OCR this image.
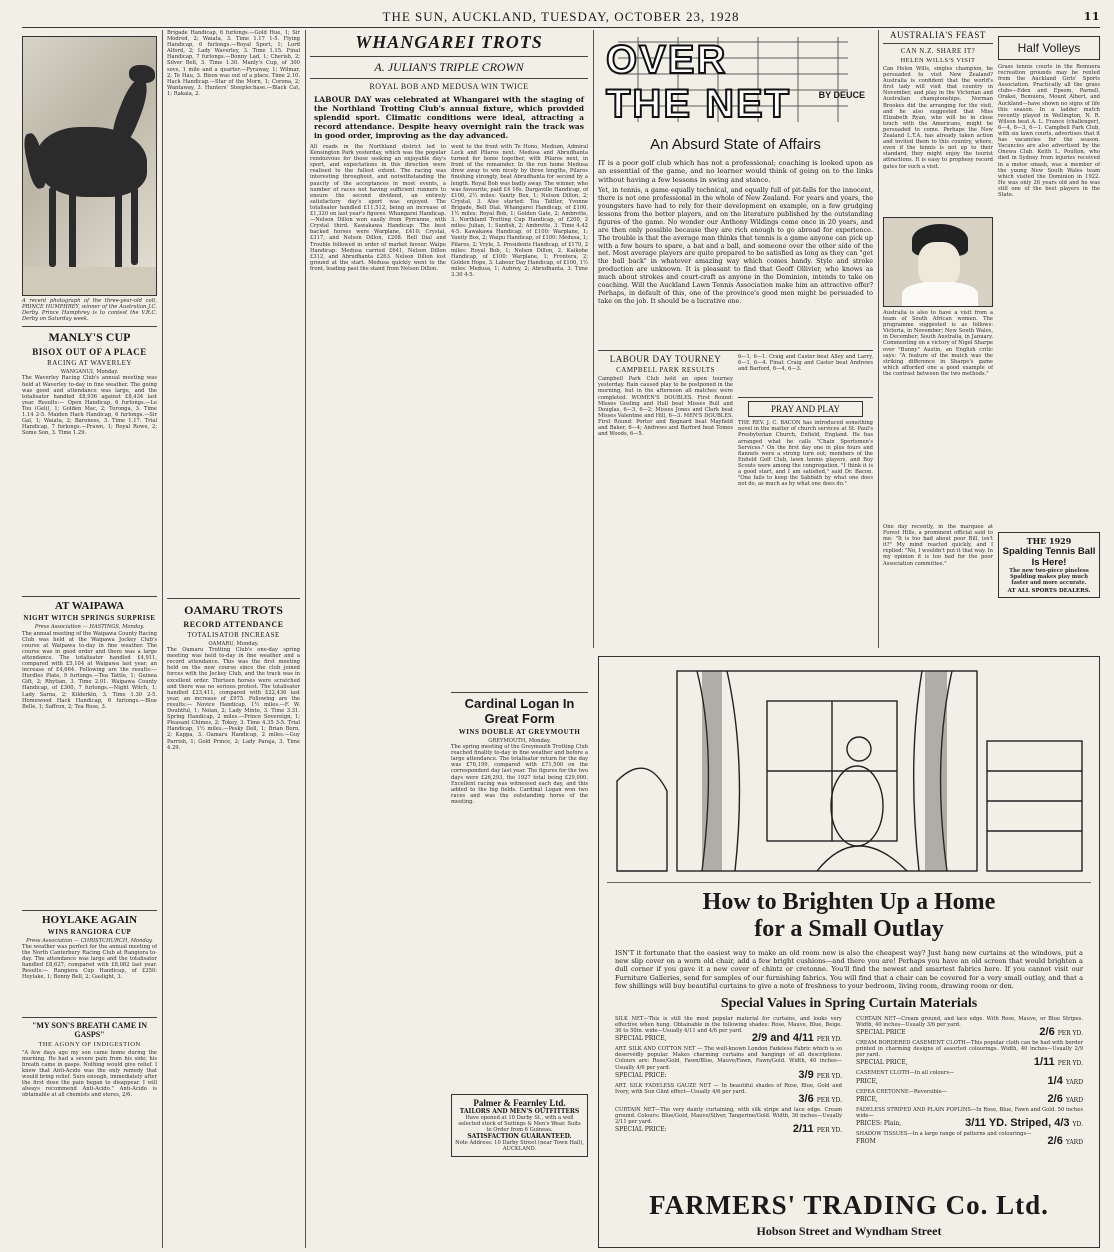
THE SUN, AUCKLAND, TUESDAY, OCTOBER 23, 1928	11
A recent photograph of the three-year-old colt, PRINCE HUMPHREY, winner of the Australian J.C. Derby. Prince Humphrey is to contest the V.R.C. Derby on Saturday week.
MANLY'S CUP
BISOX OUT OF A PLACE
RACING AT WAVERLEY
WANGANUI, Monday.
The Waverley Racing Club's annual meeting was held at Waverley to-day in fine weather. The going was good and attendance was large, and the totalisator handled £8,936 against £8,434 last year. Results:— Open Handicap, 6 furlongs.—Le Tou (Geli), 1; Golden Mac, 2; Toronga, 3. Time 1.14 2-5. Maiden Hack Handicap, 6 furlongs.—Sir Gal, 1; Waiata, 2; Baroness, 3. Time 1.17. Trial Handicap, 7 furlongs.—Prawn, 1; Royal Rowe, 2; Some Son, 3. Time 1.29.
AT WAIPAWA
NIGHT WITCH SPRINGS SURPRISE
Press Association — HASTINGS, Monday.
The annual meeting of the Waipawa County Racing Club was held at the Waipawa Jockey Club's course at Waipawa to-day in fine weather. The course was in good order and there was a large attendance. The totalisator handled £4,911, compared with £5,104 at Waipawa last year, an increase of £4,664. Following are the results:— Hurdles Plate, 9 furlongs.—Tea Tattle, 1; Guinea Gift, 2; Rhytian, 3. Time 2.01. Waipawa County Handicap, of £300, 7 furlongs.—Night Witch, 1; Lady Sarna, 2; Kilderkin, 3. Time 1.30 2-5. Homewood Hack Handicap, 6 furlongs.—Blue Belle, 1; Saffron, 2; Tea Rose, 3.
HOYLAKE AGAIN
WINS RANGIORA CUP
Press Association — CHRISTCHURCH, Monday.
The weather was perfect for the annual meeting of the North Canterbury Racing Club at Rangiora to-day. The attendance was large and the totalisator handled £8,627, compared with £8,082 last year. Results:— Rangiora Cup Handicap, of £250: Hoylake, 1; Bonny Bell, 2; Gaslight, 3.
"MY SON'S BREATH CAME IN GASPS"
THE AGONY OF INDIGESTION
"A few days ago my son came home during the morning. He had a severe pain from his side; his breath came in gasps. Nothing would give relief. I knew that Anti-Acido was the only remedy that would bring relief. Sure enough, immediately after the first dose the pain began to disappear. I will always recommend Anti-Acido." Anti-Acido is obtainable at all chemists and stores, 2/6.
Brigade Handicap, 6 furlongs.—Gold Hue, 1; Sir Modred, 2; Waiata, 3. Time 1.17 1-5. Flying Handicap, 6 furlongs.—Royal Sport, 1; Lord Alford, 2; Lady Waverley, 3. Time 1.15. Final Handicap, 7 furlongs.—Bonny Lad, 1; Cherish, 2; Silver Bell, 3. Time 1.30. Manly's Cup, of 300 sovs, 1 mile and a quarter.—Pyraway, 1; Wilmar, 2; Te Hau, 3. Bisox was out of a place. Time 2.10. Hack Handicap.—Star of the Morn, 1; Corona, 2; Wantaway, 3. Hunters' Steeplechase.—Black Cat, 1; Rakaia, 2.
OAMARU TROTS
RECORD ATTENDANCE
TOTALISATOR INCREASE
OAMARU, Monday.
The Oamaru Trotting Club's one-day spring meeting was held to-day in fine weather and a record attendance. This was the first meeting held on the new course since the club joined forces with the Jockey Club, and the track was in excellent order. Thirteen horses were scratched and there was no serious protest. The totalisator handled £23,411, compared with £22,436 last year, an increase of £975. Following are the results:— Novice Handicap, 1½ miles.—F. W. Doubtful, 1; Nolan, 2; Lady Minto, 3. Time 3.31. Spring Handicap, 2 miles.—Prince Sovereign, 1; Pleasant Chimes, 2; Tokey, 3. Time 4.35 3-5. Trial Handicap, 1½ miles.—Pesky Dell, 1; Brian Born, 2; Kappa, 3. Oamaru Handicap, 2 miles.—Guy Parrish, 1; Gold Prince, 2; Lady Paraja, 3. Time 4.29.
WHANGAREI TROTS
A. JULIAN'S TRIPLE CROWN
ROYAL BOB AND MEDUSA WIN TWICE
LABOUR DAY was celebrated at Whangarei with the staging of the Northland Trotting Club's annual fixture, which provided splendid sport. Climatic conditions were ideal, attracting a record attendance. Despite heavy overnight rain the track was in good order, improving as the day advanced.
All roads in the Northland district led to Kensington Park yesterday, which was the popular rendezvous for those seeking an enjoyable day's sport, and expectations in this direction were realised to the fullest extent. The racing was interesting throughout, and notwithstanding the paucity of the acceptances in most events, a number of races not having sufficient runners to ensure the second dividend, an entirely satisfactory day's sport was enjoyed. The totalisator handled £11,512, being an increase of £1,320 on last year's figures. Whangarei Handicap.—Nelson Dillon won easily from Pyrranne, with Crystal third. Kawakawa Handicap: The best backed horses were Warplane, £410; Crystal, £317, and Nelson Dillon, £208. Bell Dial and Trouble followed in order of market favour. Waipu Handicap: Medusa carried £641, Nelson Dillon £312, and Abrudhanta £263. Nelson Dillon lost ground at the start. Medusa quickly went to the front, leading past the stand from Nelson Dillon.
went to the front with Te Hono, Medium, Admiral Lock and Pilaros next. Medusa and Abrudhanta turned for home together, with Pilaros next, in front of the remainder. In the run home Medusa drew away to win nicely by three lengths, Pilaros finishing strongly, beat Abrudhanta for second by a length. Royal Bob was badly away. The winner, who was favourite, paid £4 16s. Dargaville Handicap, of £100, 2½ miles: Vanity Box, 1; Nelson Dillon, 2; Crystal, 3. Also started: Tea Tattler, Yvonne Brigade, Bell Dial. Whangarei Handicap, of £100, 1½ miles: Royal Bob, 1; Golden Gate, 2; Ambrette, 3. Northland Trotting Cup Handicap, of £200, 2 miles: Julian, 1; Sunfish, 2; Ambrette, 3. Time 4.42 4-5. Kawakawa Handicap, of £100: Warplane, 1; Vanity Box, 2; Waipu Handicap, of £100: Medusa, 1; Pilaros, 2; Vryle, 3. Presidents Handicap, of £170, 2 miles: Royal Bob, 1; Nelson Dillon, 2. Kaikohe Handicap, of £100: Warplane, 1; Frontera, 2; Golden Hope, 3. Labour Day Handicap, of £100, 1½ miles: Medusa, 1; Aubrey, 2; Abrudhanta, 3. Time 3.30 4-5.
Cardinal Logan In Great Form
WINS DOUBLE AT GREYMOUTH
GREYMOUTH, Monday.
The spring meeting of the Greymouth Trotting Club reached finality to-day in fine weather and before a large attendance. The totalisator return for the day was £76,199, compared with £71,500 on the correspondent day last year. The figures for the two days were £26,293, the 1927 total being £29,000. Excellent racing was witnessed each day, and this added to the big fields. Cardinal Logan won two races and was the outstanding horse of the meeting.
Palmer & Fearnley Ltd.
TAILORS AND MEN'S OUTFITTERS
Have opened at 10 Darby St., with a well selected stock of Suitings & Men's Wear. Suits to Order from 6 Guineas.
SATISFACTION GUARANTEED.
Note Address: 10 Darby Street (near Town Hall), AUCKLAND.
OVER THE NET	BY DEUCE
An Absurd State of Affairs
IT is a poor golf club which has not a professional; coaching is looked upon as an essential of the game, and no learner would think of going on to the links without having a few lessons in swing and stance.
Yet, in tennis, a game equally technical, and equally full of pit-falls for the innocent, there is not one professional in the whole of New Zealand. For years and years, the youngsters have had to rely for their development on example, on a few grudging lessons from the better players, and on the literature published by the outstanding figures of the game. No wonder our Anthony Wildings come once in 20 years, and are then only possible because they are rich enough to go abroad for experience. The trouble is that the average man thinks that tennis is a game anyone can pick up with a few hours to spare, a bat and a ball, and someone over the other side of the net. Most average players are quite prepared to be satisfied as long as they can "get the ball back" in whatever amazing way which comes handy. Style and stroke production are unknown. It is pleasant to find that Geoff Ollivier, who knows as much about strokes and court-craft as anyone in the Dominion, intends to take on coaching. Will the Auckland Lawn Tennis Association make him an attractive offer? Perhaps, in default of this, one of the province's good men might be persuaded to take on the job. It should be a lucrative one.
LABOUR DAY TOURNEY
CAMPBELL PARK RESULTS
Campbell Park Club held an open tourney yesterday. Rain caused play to be postponed in the morning, but in the afternoon all matches were completed. WOMEN'S DOUBLES. First Round: Misses Gosling and Hull beat Misses Bull and Douglas, 6—3, 6—2; Misses Jones and Clark beat Misses Valentine and Hill, 6—3. MEN'S DOUBLES. First Round: Porter and Bognard beat Mayfield and Baker, 6—4; Andrews and Barford beat Tomes and Woods, 6—5.
6—1, 6—1. Craig and Caster beat Alley and Larry, 6—1, 6—4. Final: Craig and Caster beat Andrews and Barford, 6—4, 6—3.
PRAY AND PLAY
THE REV. J. C. BACON has introduced something novel in the matter of church services at St. Paul's Presbyterian Church, Enfield, England. He has arranged what he calls "Chain Sportsmen's Services." On the first day one in plus fours and flannels were a strong turn out; members of the Enfield Golf Club, lawn tennis players, and Boy Scouts were among the congregation. "I think it is a good start, and I am satisfied," said Dr. Bacon. "One fails to keep the Sabbath by what one does not do, as much as by what one does do."
AUSTRALIA'S FEAST
CAN N.Z. SHARE IT?
HELEN WILLS'S VISIT
Can Helen Wills, singles champion, be persuaded to visit New Zealand? Australia is confident that the world's first lady will visit that country in November, and play in the Victorian and Australian championships. Norman Brookes did the arranging for the visit, and he also suggested that Miss Elizabeth Ryan, who will be in close touch with the Americans, might be persuaded to come. Perhaps the New Zealand L.T.A. has already taken action and invited them to this country, where, even if the tennis is not up to their standard, they might enjoy the tourist attractions. It is easy to prophesy record gates for such a visit.
Australia is also to have a visit from a team of South African women. The programme suggested is as follows: Victoria, in November; New South Wales, in December; South Australia, in January. Commenting on a victory of Nigel Sharpe over "Bunny" Austin, an English critic says: "A feature of the match was the striking difference in Sharpe's game which afforded one a good example of the contrast between the two methods."
One day recently, in the marquee at Forest Hills, a prominent official said to me: "It is too bad about poor Bill, isn't it?" My mind reacted quickly, and I replied: "No, I wouldn't put it that way. In my opinion it is too bad for the poor Association committee."
Half Volleys
Grass tennis courts in the Remuera recreation grounds may be rented from the Auckland Girls' Sports Association. Practically all the grass clubs—Eden and Epsom, Parnell, Orakei, Remuera, Mount Albert, and Auckland—have shown no signs of life this season. In a ladder match recently played in Wellington, N. R. Wilson beat A. L. France (challenger), 6—4, 6—3, 6—1. Campbell Park Club, with six lawn courts, advertises that it has vacancies for the season. Vacancies are also advertised by the Onewa Club. Keith L. Poulton, who died in Sydney from injuries received in a motor smash, was a member of the young New South Wales team which visited the Dominion in 1922. He was only 26 years old and he was still one of the best players in the State.
THE 1929
Spalding Tennis Ball Is Here!
The new two-piece pineless Spalding makes play much faster and more accurate.
AT ALL SPORTS DEALERS.
How to Brighten Up a Home
for a Small Outlay
ISN'T it fortunate that the easiest way to make an old room new is also the cheapest way? Just hang new curtains at the windows, put a new slip cover on a worn old chair, add a few bright cushions—and there you are! Perhaps you have an old screen that would brighten a dull corner if you gave it a new cover of chintz or cretonne. You'll find the newest and smartest fabrics here. If you cannot visit our Furniture Galleries, send for samples of our furnishing fabrics. You will find that a chair can be covered for a very small outlay, and that a few shillings will buy beautiful curtains to give a note of freshness to your bedroom, living room, drawing room or den.
Special Values in Spring Curtain Materials
SILK NET—This is still the most popular material for curtains, and looks very effective when hung. Obtainable in the following shades: Rose, Mauve, Blue, Beige. 36 to 50in. wide—Usually 4/11 and 4/6 per yard.
SPECIAL PRICE,	2/9 and 4/11 PER YD.
ART. SILK AND COTTON NET — The well-known London Fadeless Fabric which is so deservedly popular. Makes charming curtains and hangings of all descriptions. Colours are: Rose/Gold, Fawn/Blue, Mauve/Fawn, Fawn/Gold. Width, 40 inches—Usually 4/6 per yard.
SPECIAL PRICE:	3/9 PER YD.
ART. SILK FADELESS GAUZE NET — In beautiful shades of Rose, Blue, Gold and Ivory, with Sun Glint effect—Usually 4/6 per yard.
3/6 PER YD.
CURTAIN NET—The very dainty curtaining, with silk stripe and lace edge. Cream ground. Colours: Blue/Gold, Mauve/Silver, Tangerine/Gold. Width, 36 inches—Usually 2/11 per yard.
SPECIAL PRICE:	2/11 PER YD.
CURTAIN NET—Cream ground, and lace edge. With Rose, Mauve, or Blue Stripes. Width, 40 inches—Usually 3/6 per yard.
SPECIAL PRICE	2/6 PER YD.
CREAM BORDERED CASEMENT CLOTH—This popular cloth can be had with border printed in charming designs of assorted colourings. Width, 40 inches—Usually 2/9 per yard.
SPECIAL PRICE,	1/11 PER YD.
CASEMENT CLOTH—In all colours—
PRICE,	1/4 YARD
CEPEA CRETONNE—Reversible—
PRICE,	2/6 YARD
FADELESS STRIPED AND PLAIN POPLINS—In Rose, Blue, Fawn and Gold. 50 inches wide—
PRICES: Plain,	3/11 YD. Striped, 4/3 YD.
SHADOW TISSUES—In a large range of patterns and colourings—
FROM	2/6 YARD
FARMERS' TRADING Co. Ltd.
Hobson Street and Wyndham Street
